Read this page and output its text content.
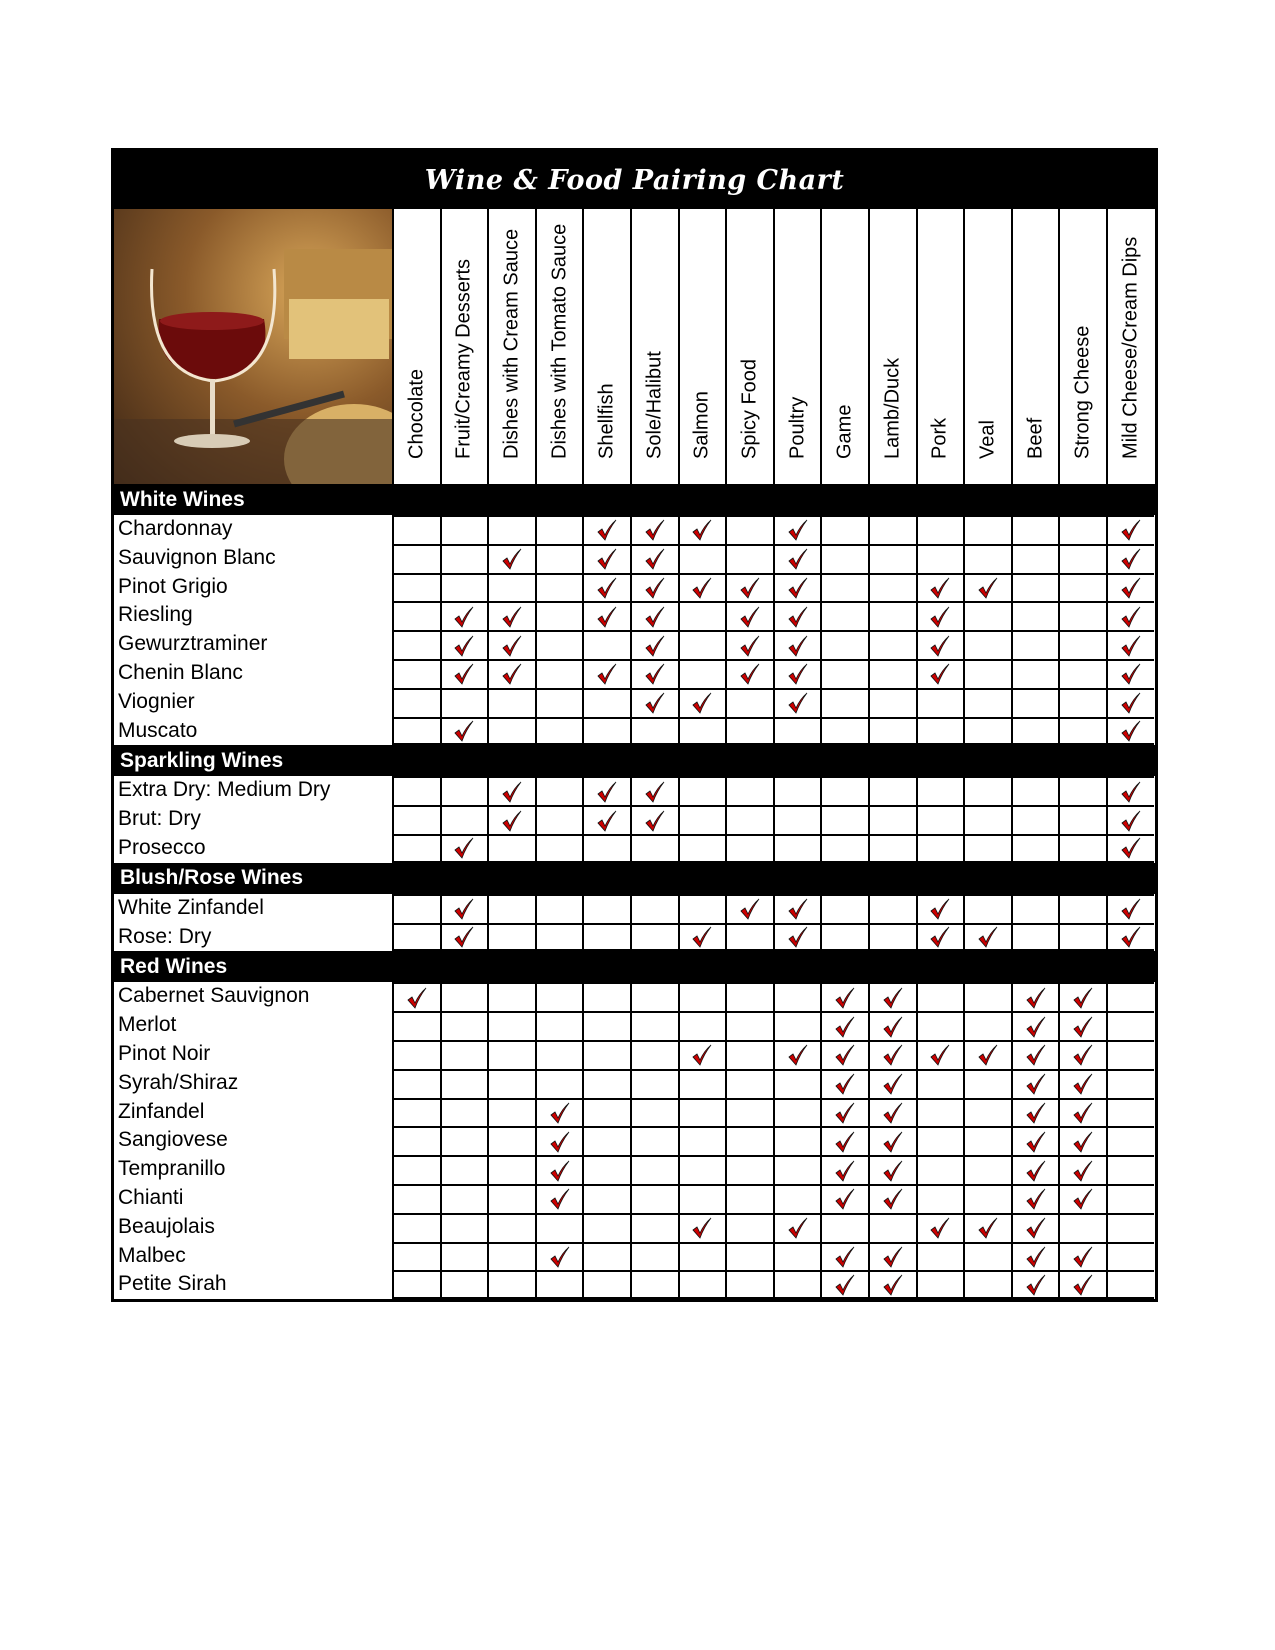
Wine & Food Pairing Chart
Chocolate Fruit/Creamy Desserts Dishes with Cream Sauce Dishes with Tomato Sauce Shellfish Sole/Halibut Salmon Spicy Food Poultry Game Lamb/Duck Pork Veal Beef Strong Cheese Mild Cheese/Cream Dips
White Wines
Chardonnay
Sauvignon Blanc
Pinot Grigio
Riesling
Gewurztraminer
Chenin Blanc
Viognier
Muscato
Sparkling Wines
Extra Dry: Medium Dry
Brut: Dry
Prosecco
Blush/Rose Wines
White Zinfandel
Rose: Dry
Red Wines
Cabernet Sauvignon
Merlot
Pinot Noir
Syrah/Shiraz
Zinfandel
Sangiovese
Tempranillo
Chianti
Beaujolais
Malbec
Petite Sirah
